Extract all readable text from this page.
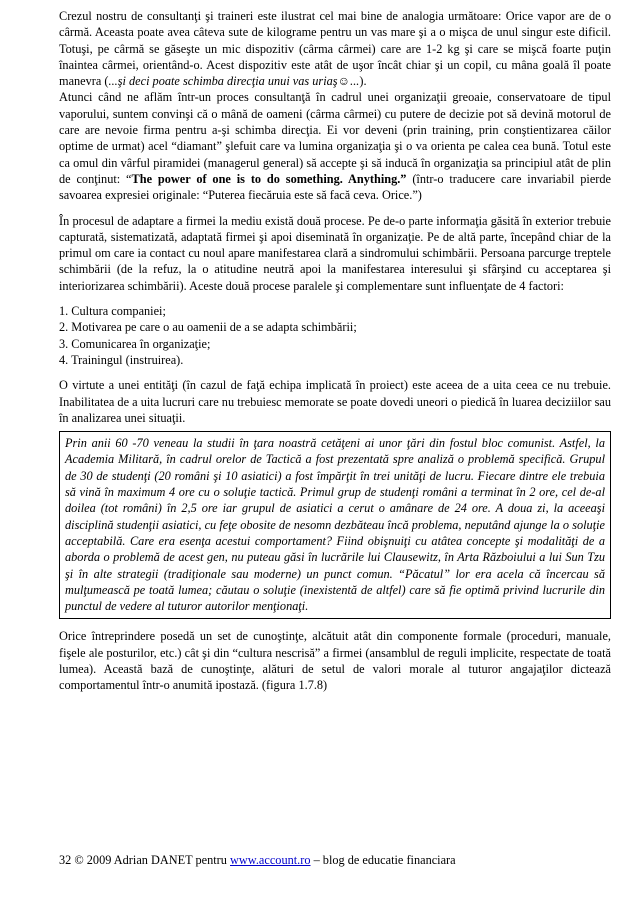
Crezul nostru de consultanţi şi traineri este ilustrat cel mai bine de analogia următoare: Orice vapor are de o cârmă. Aceasta poate avea câteva sute de kilograme pentru un vas mare şi a o mişca de unul singur este dificil. Totuşi, pe cârmă se găseşte un mic dispozitiv (cârma cârmei) care are 1-2 kg şi care se mişcă foarte puţin înaintea cârmei, orientând-o. Acest dispozitiv este atât de uşor încât chiar şi un copil, cu mâna goală îl poate manevra (...şi deci poate schimba direcţia unui vas uriaş☺...).

Atunci când ne aflăm într-un proces consultanţă în cadrul unei organizaţii greoaie, conservatoare de tipul vaporului, suntem convinşi că o mână de oameni (cârma cârmei) cu putere de decizie pot să devină motorul de care are nevoie firma pentru a-şi schimba direcţia. Ei vor deveni (prin training, prin conştientizarea căilor optime de urmat) acel “diamant” şlefuit care va lumina organizaţia şi o va orienta pe calea cea bună. Totul este ca omul din vârful piramidei (managerul general) să accepte şi să inducă în organizaţia sa principiul atât de plin de conţinut: “The power of one is to do something. Anything.” (într-o traducere care invariabil pierde savoarea expresiei originale: “Puterea fiecăruia este să facă ceva. Orice.”)

În procesul de adaptare a firmei la mediu există două procese. Pe de-o parte informaţia găsită în exterior trebuie capturată, sistematizată, adaptată firmei şi apoi diseminată în organizaţie. Pe de altă parte, începând chiar de la primul om care ia contact cu noul apare manifestarea clară a sindromului schimbării. Persoana parcurge treptele schimbării (de la refuz, la o atitudine neutră apoi la manifestarea interesului şi sfârşind cu acceptarea şi interiorizarea schimbării). Aceste două procese paralele şi complementare sunt influenţate de 4 factori:

1. Cultura companiei;

2. Motivarea pe care o au oamenii de a se adapta schimbării;

3. Comunicarea în organizaţie;

4. Trainingul (instruirea).

O virtute a unei entităţi (în cazul de faţă echipa implicată în proiect) este aceea de a uita ceea ce nu trebuie. Inabilitatea de a uita lucruri care nu trebuiesc memorate se poate dovedi uneori o piedică în luarea deciziilor sau în analizarea unei situaţii.

Prin anii 60 -70 veneau la studii în ţara noastră cetăţeni ai unor ţări din fostul bloc comunist. Astfel, la Academia Militară, în cadrul orelor de Tactică a fost prezentată spre analiză o problemă specifică. Grupul de 30 de studenţi (20 români şi 10 asiatici) a fost împărţit în trei unităţi de lucru. Fiecare dintre ele trebuia să vină în maximum 4 ore cu o soluţie tactică. Primul grup de studenţi români a terminat în 2 ore, cel de-al doilea (tot români) în 2,5 ore iar grupul de asiatici a cerut o amânare de 24 ore. A doua zi, la aceeaşi disciplină studenţii asiatici, cu feţe obosite de nesomn dezbăteau încă problema, neputând ajunge la o soluţie acceptabilă. Care era esenţa acestui comportament? Fiind obişnuiţi cu atâtea concepte şi modalităţi de a aborda o problemă de acest gen, nu puteau găsi în lucrările lui Clausewitz, în Arta Războiului a lui Sun Tzu şi în alte strategii (tradiţionale sau moderne) un punct comun. “Păcatul” lor era acela că încercau să mulţumească pe toată lumea; căutau o soluţie (inexistentă de altfel) care să fie optimă privind lucrurile din punctul de vedere al tuturor autorilor menţionaţi.

Orice întreprindere posedă un set de cunoştinţe, alcătuit atât din componente formale (proceduri, manuale, fişele ale posturilor, etc.) cât şi din “cultura nescrisă” a firmei (ansamblul de reguli implicite, respectate de toată lumea). Această bază de cunoştinţe, alături de setul de valori morale al tuturor angajaţilor dictează comportamentul într-o anumită ipostază. (figura 1.7.8)

32 © 2009 Adrian DANET pentru www.account.ro – blog de educatie financiara
